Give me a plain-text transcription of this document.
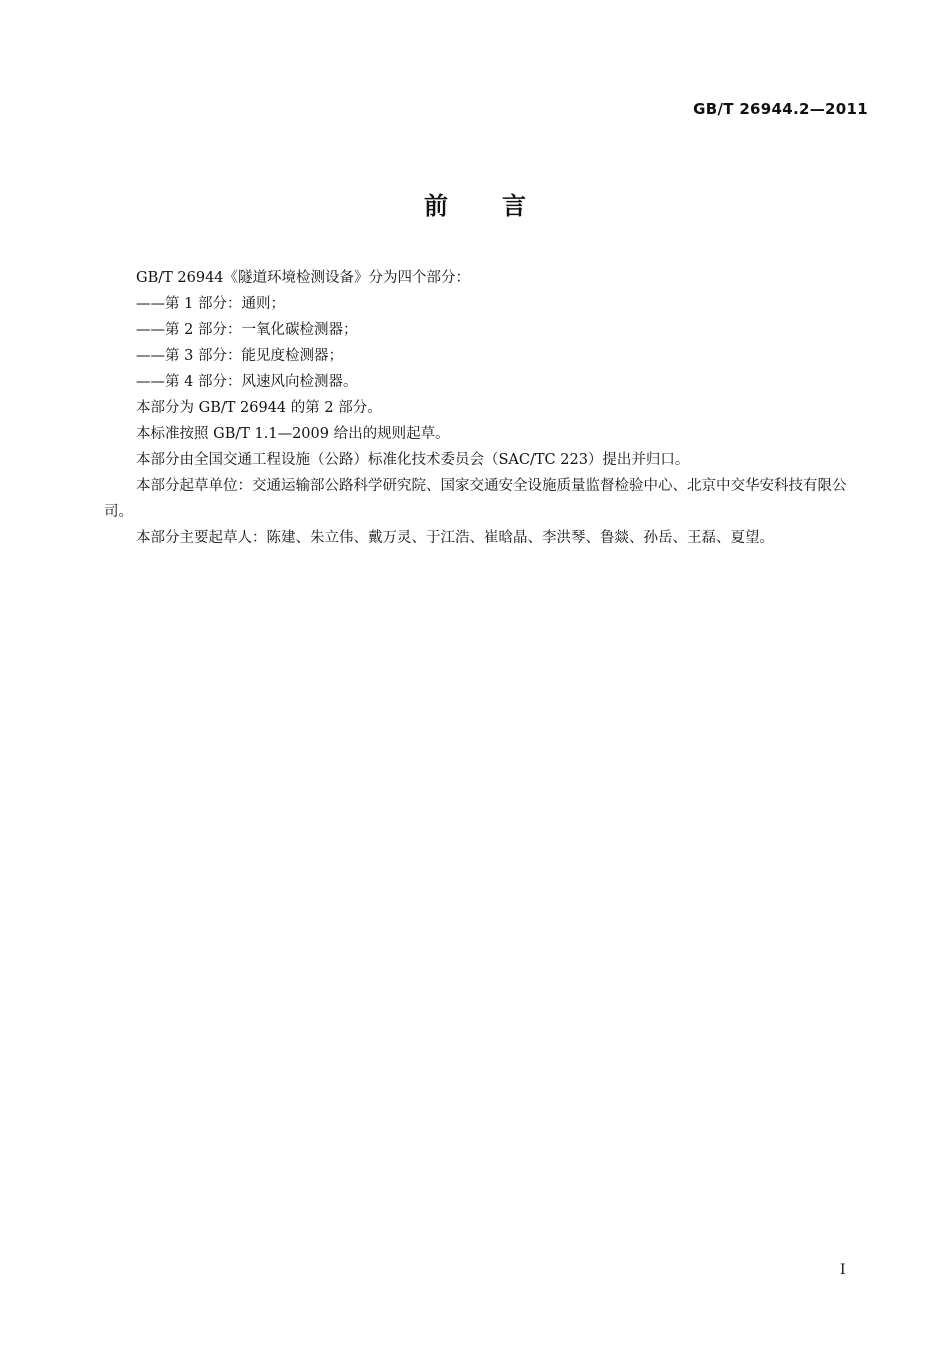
GB/T 26944.2—2011
前言

GB/T 26944《隧道环境检测设备》分为四个部分：

——第 1 部分：通则；

——第 2 部分：一氧化碳检测器；

——第 3 部分：能见度检测器；

——第 4 部分：风速风向检测器。

本部分为 GB/T 26944 的第 2 部分。

本标准按照 GB/T 1.1—2009 给出的规则起草。

本部分由全国交通工程设施（公路）标准化技术委员会（SAC/TC 223）提出并归口。

本部分起草单位：交通运输部公路科学研究院、国家交通安全设施质量监督检验中心、北京中交华安科技有限公司。

本部分主要起草人：陈建、朱立伟、戴万灵、于江浩、崔晗晶、李洪琴、鲁燚、孙岳、王磊、夏望。

I
